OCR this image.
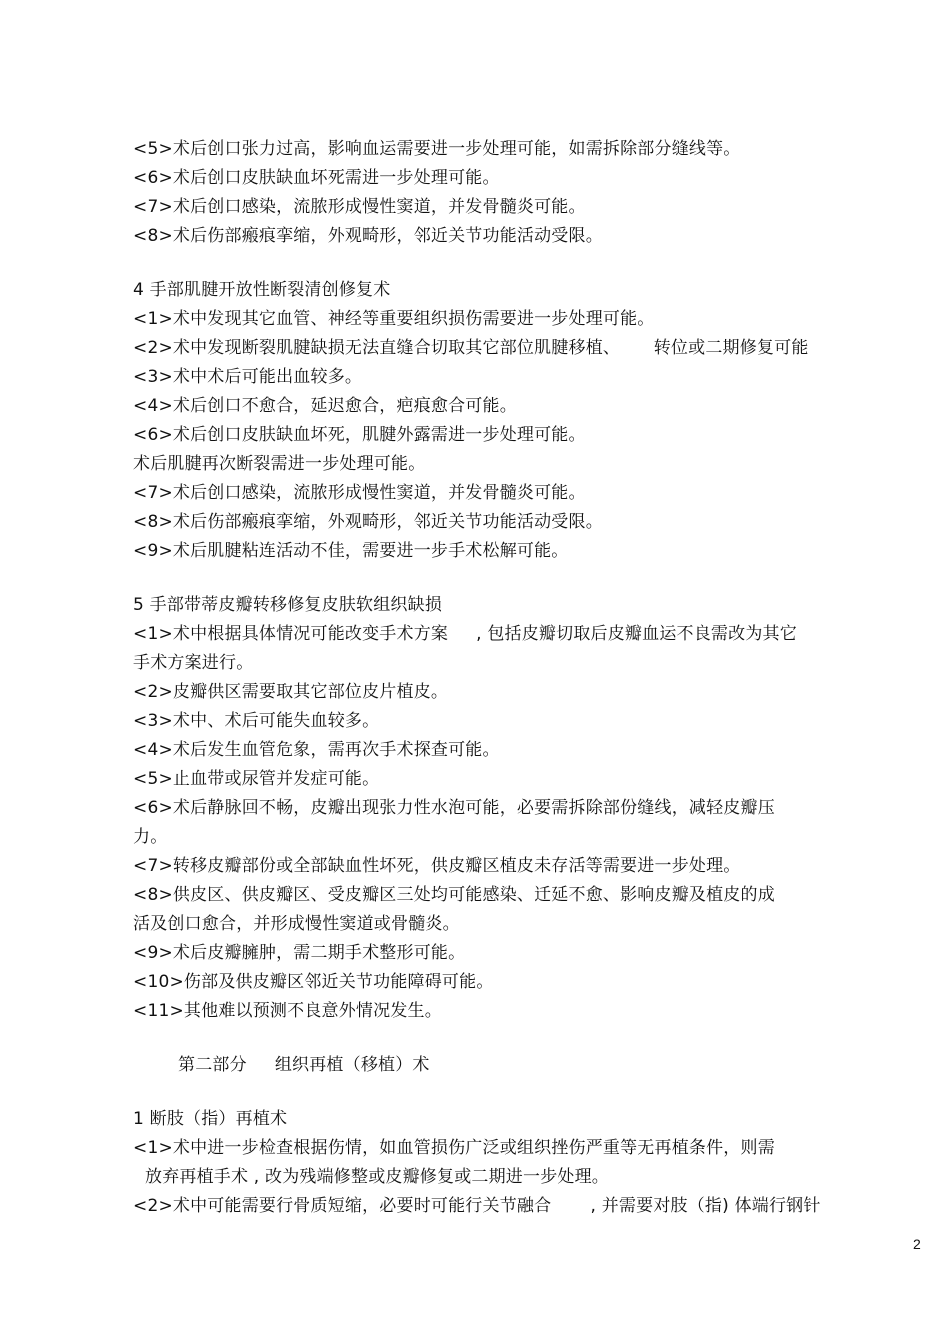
<5>术后创口张力过高，影响血运需要进一步处理可能，如需拆除部分缝线等。
<6>术后创口皮肤缺血坏死需进一步处理可能。
<7>术后创口感染，流脓形成慢性窦道，并发骨髓炎可能。
<8>术后伤部瘢痕挛缩，外观畸形，邻近关节功能活动受限。
4 手部肌腱开放性断裂清创修复术
<1>术中发现其它血管、神经等重要组织损伤需要进一步处理可能。
<2>术中发现断裂肌腱缺损无法直缝合切取其它部位肌腱移植、      转位或二期修复可能
<3>术中术后可能出血较多。
<4>术后创口不愈合，延迟愈合，疤痕愈合可能。
<6>术后创口皮肤缺血坏死，肌腱外露需进一步处理可能。
术后肌腱再次断裂需进一步处理可能。
<7>术后创口感染，流脓形成慢性窦道，并发骨髓炎可能。
<8>术后伤部瘢痕挛缩，外观畸形，邻近关节功能活动受限。
<9>术后肌腱粘连活动不佳，需要进一步手术松解可能。
5 手部带蒂皮瓣转移修复皮肤软组织缺损
<1>术中根据具体情况可能改变手术方案     , 包括皮瓣切取后皮瓣血运不良需改为其它
手术方案进行。
<2>皮瓣供区需要取其它部位皮片植皮。
<3>术中、术后可能失血较多。
<4>术后发生血管危象，需再次手术探查可能。
<5>止血带或尿管并发症可能。
<6>术后静脉回不畅，皮瓣出现张力性水泡可能，必要需拆除部份缝线，减轻皮瓣压
力。
<7>转移皮瓣部份或全部缺血性坏死，供皮瓣区植皮未存活等需要进一步处理。
<8>供皮区、供皮瓣区、受皮瓣区三处均可能感染、迁延不愈、影响皮瓣及植皮的成
活及创口愈合，并形成慢性窦道或骨髓炎。
<9>术后皮瓣臃肿，需二期手术整形可能。
<10>伤部及供皮瓣区邻近关节功能障碍可能。
<11>其他难以预测不良意外情况发生。
第二部分     组织再植（移植）术
1 断肢（指）再植术
<1>术中进一步检查根据伤情，如血管损伤广泛或组织挫伤严重等无再植条件，则需
放弃再植手术 , 改为残端修整或皮瓣修复或二期进一步处理。
<2>术中可能需要行骨质短缩，必要时可能行关节融合       , 并需要对肢（指) 体端行钢针
2
